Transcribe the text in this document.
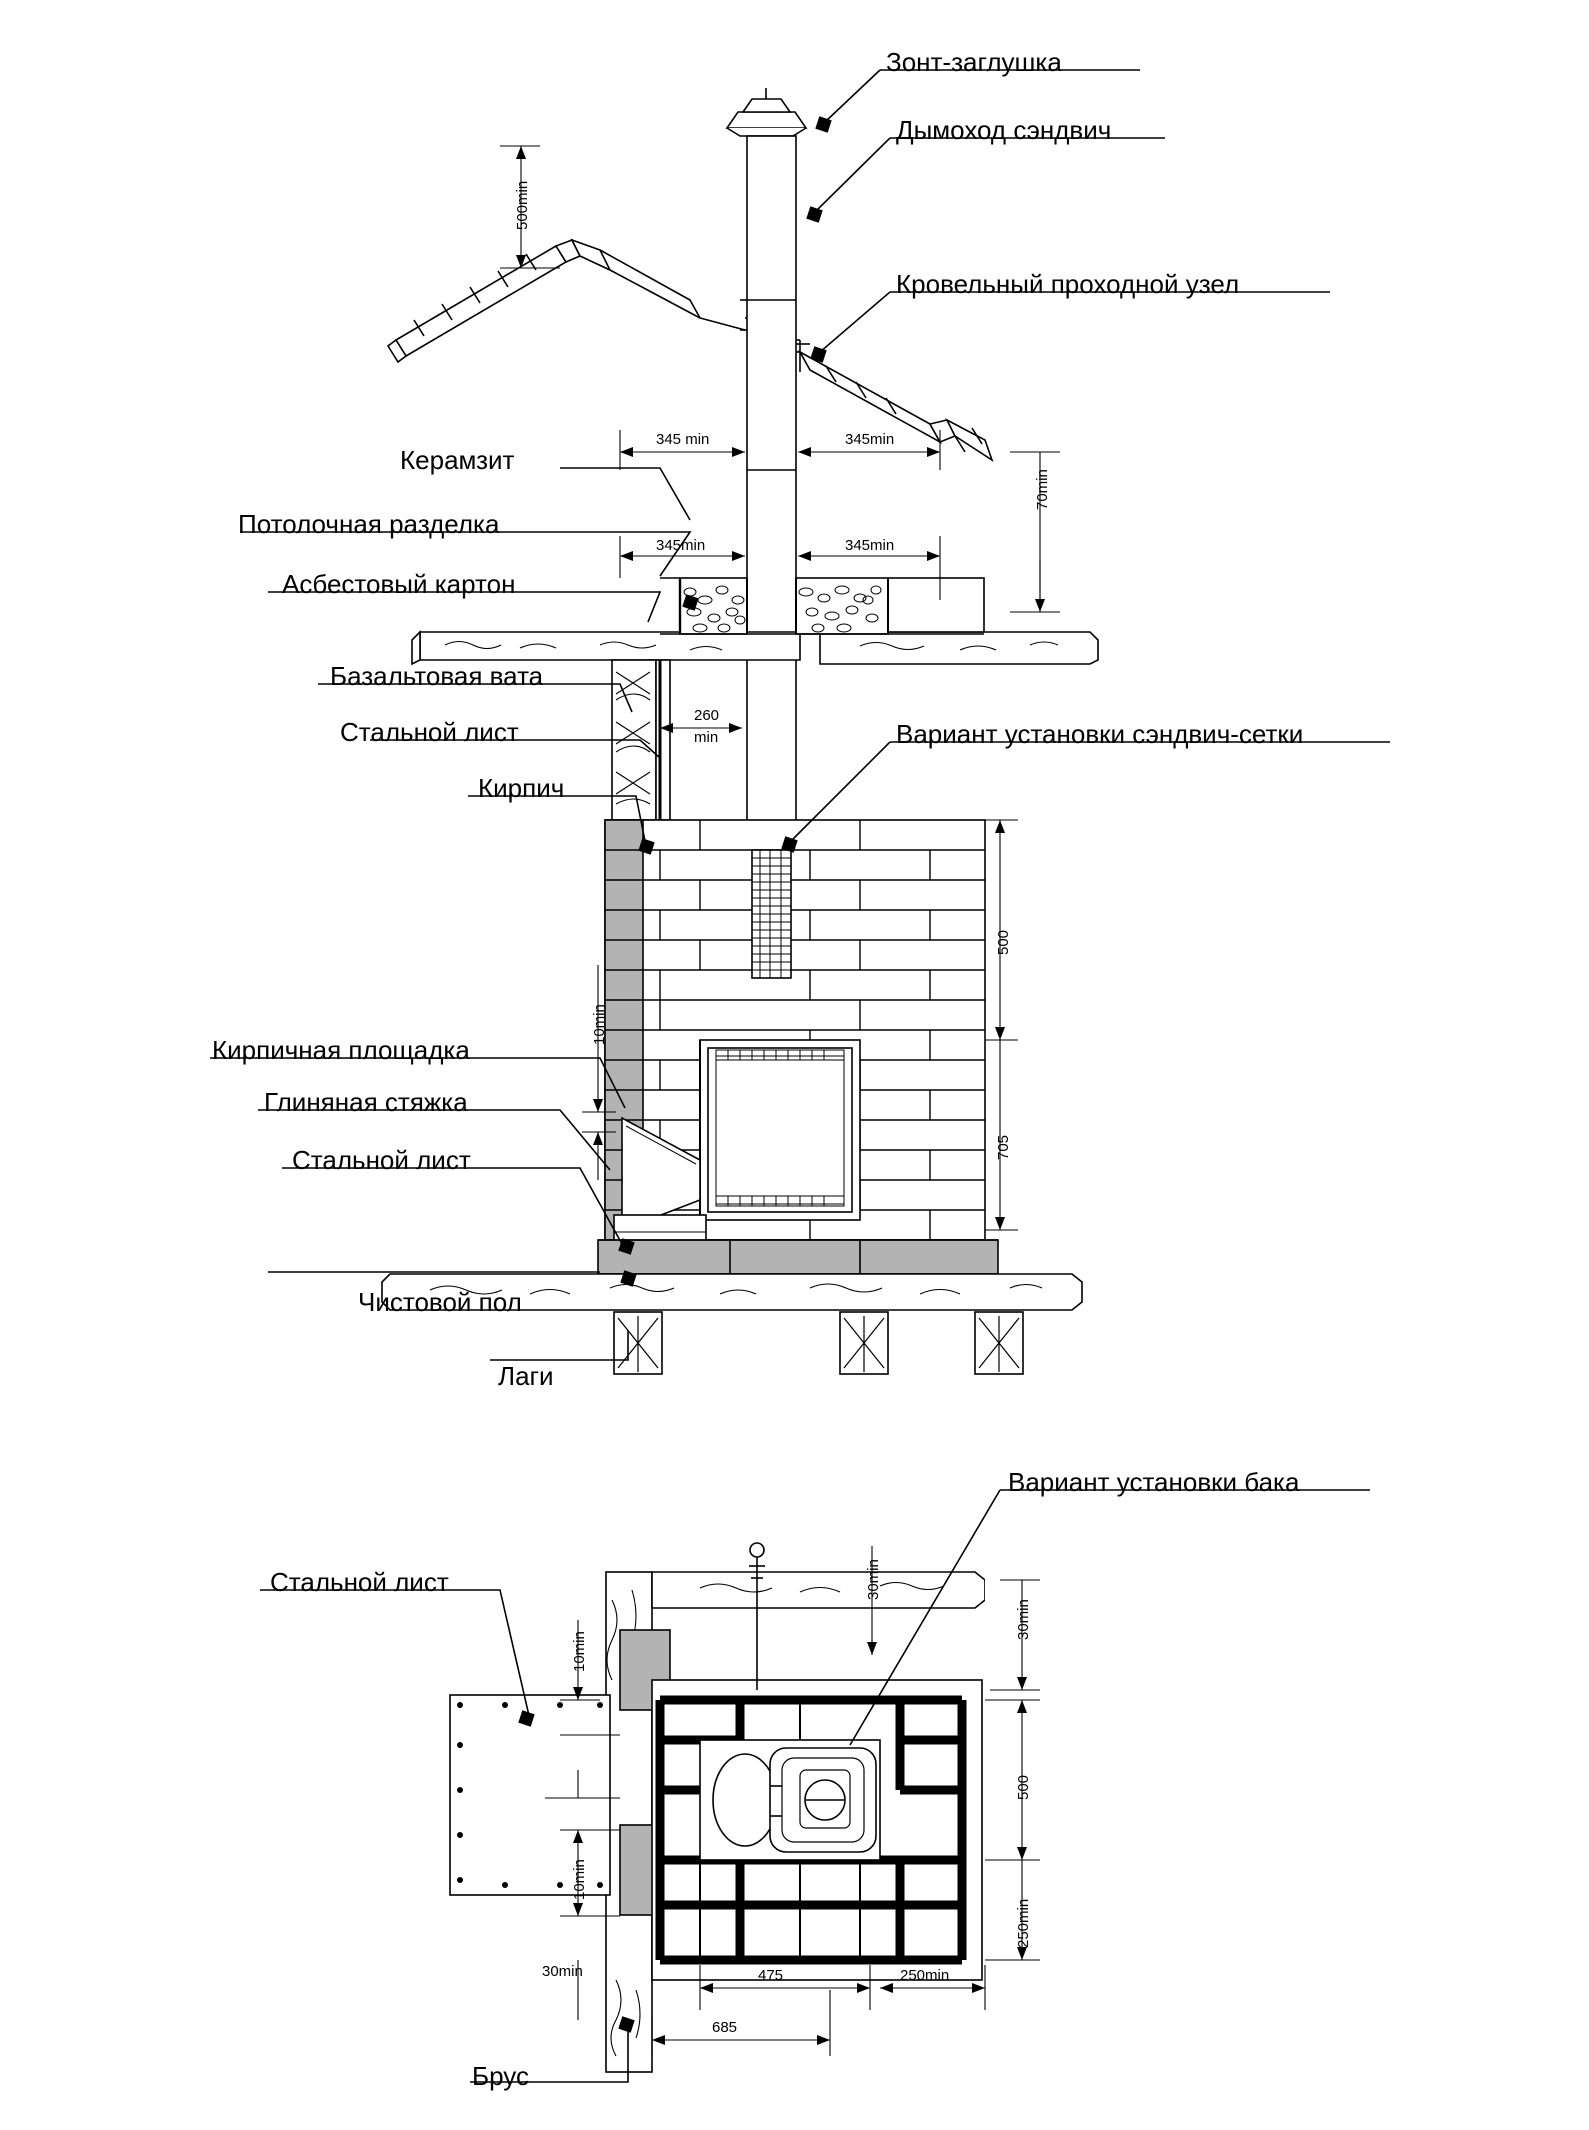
Зонт-заглушка
Дымоход сэндвич
Кровельный проходной узел
Керамзит
Потолочная разделка
Асбестовый картон
Базальтовая вата
Стальной лист
Кирпич
Вариант установки сэндвич-сетки
Кирпичная площадка
Глиняная стяжка
Стальной лист
Чистовой пол
Лаги
500min
345 min	345min
345min	345min
70min
260
min
10min
500
705
Вариант установки бака
Стальной лист
Брус
30min
30min
10min
10min
30min
500
250min
475	250min
685
